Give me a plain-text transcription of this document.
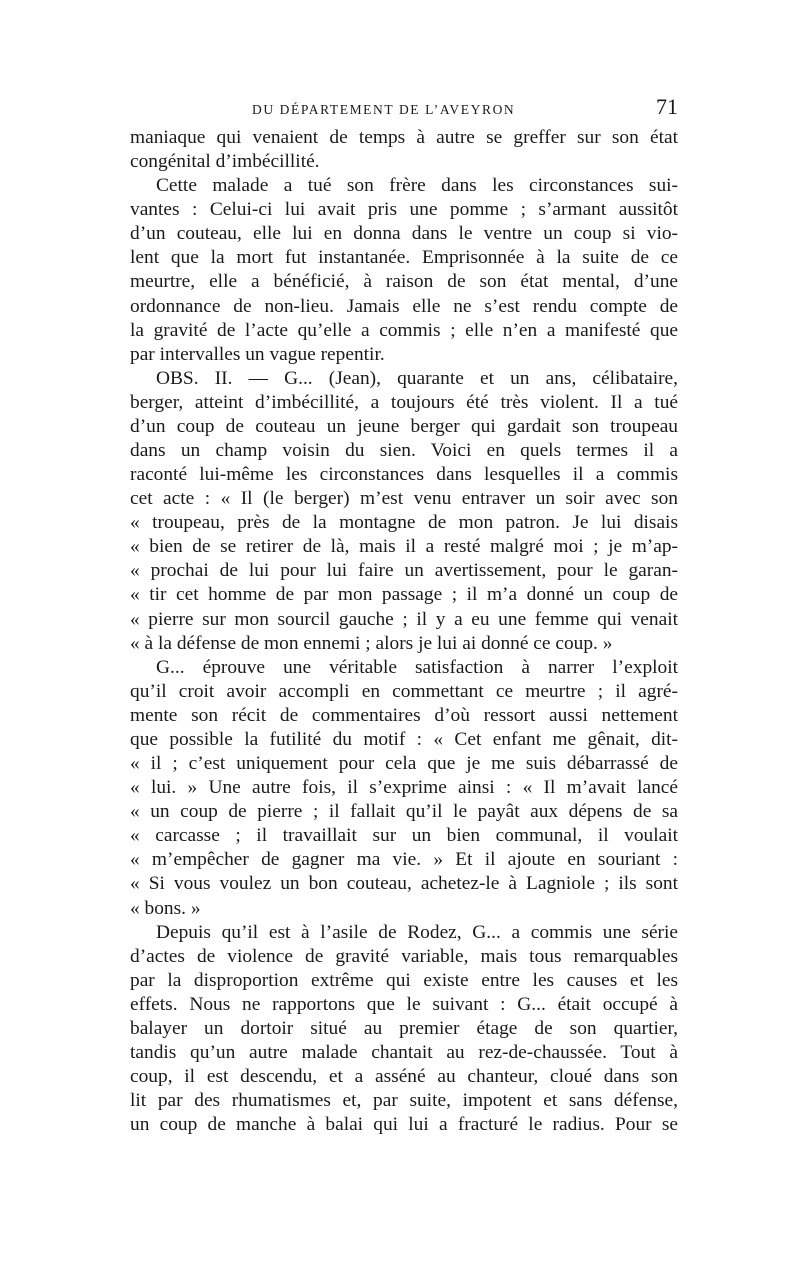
DU DÉPARTEMENT DE L’AVEYRON	71
maniaque qui venaient de temps à autre se greffer sur son état
congénital d’imbécillité.
Cette malade a tué son frère dans les circonstances sui-
vantes : Celui-ci lui avait pris une pomme ; s’armant aussitôt
d’un couteau, elle lui en donna dans le ventre un coup si vio-
lent que la mort fut instantanée. Emprisonnée à la suite de ce
meurtre, elle a bénéficié, à raison de son état mental, d’une
ordonnance de non-lieu. Jamais elle ne s’est rendu compte de
la gravité de l’acte qu’elle a commis ; elle n’en a manifesté que
par intervalles un vague repentir.
OBS. II. — G... (Jean), quarante et un ans, célibataire,
berger, atteint d’imbécillité, a toujours été très violent. Il a tué
d’un coup de couteau un jeune berger qui gardait son troupeau
dans un champ voisin du sien. Voici en quels termes il a
raconté lui-même les circonstances dans lesquelles il a commis
cet acte : « Il (le berger) m’est venu entraver un soir avec son
« troupeau, près de la montagne de mon patron. Je lui disais
« bien de se retirer de là, mais il a resté malgré moi ; je m’ap-
« prochai de lui pour lui faire un avertissement, pour le garan-
« tir cet homme de par mon passage ; il m’a donné un coup de
« pierre sur mon sourcil gauche ; il y a eu une femme qui venait
« à la défense de mon ennemi ; alors je lui ai donné ce coup. »
G... éprouve une véritable satisfaction à narrer l’exploit
qu’il croit avoir accompli en commettant ce meurtre ; il agré-
mente son récit de commentaires d’où ressort aussi nettement
que possible la futilité du motif : « Cet enfant me gênait, dit-
« il ; c’est uniquement pour cela que je me suis débarrassé de
« lui. » Une autre fois, il s’exprime ainsi : « Il m’avait lancé
« un coup de pierre ; il fallait qu’il le payât aux dépens de sa
« carcasse ; il travaillait sur un bien communal, il voulait
« m’empêcher de gagner ma vie. » Et il ajoute en souriant :
« Si vous voulez un bon couteau, achetez-le à Lagniole ; ils sont
« bons. »
Depuis qu’il est à l’asile de Rodez, G... a commis une série
d’actes de violence de gravité variable, mais tous remarquables
par la disproportion extrême qui existe entre les causes et les
effets. Nous ne rapportons que le suivant : G... était occupé à
balayer un dortoir situé au premier étage de son quartier,
tandis qu’un autre malade chantait au rez-de-chaussée. Tout à
coup, il est descendu, et a asséné au chanteur, cloué dans son
lit par des rhumatismes et, par suite, impotent et sans défense,
un coup de manche à balai qui lui a fracturé le radius. Pour se
